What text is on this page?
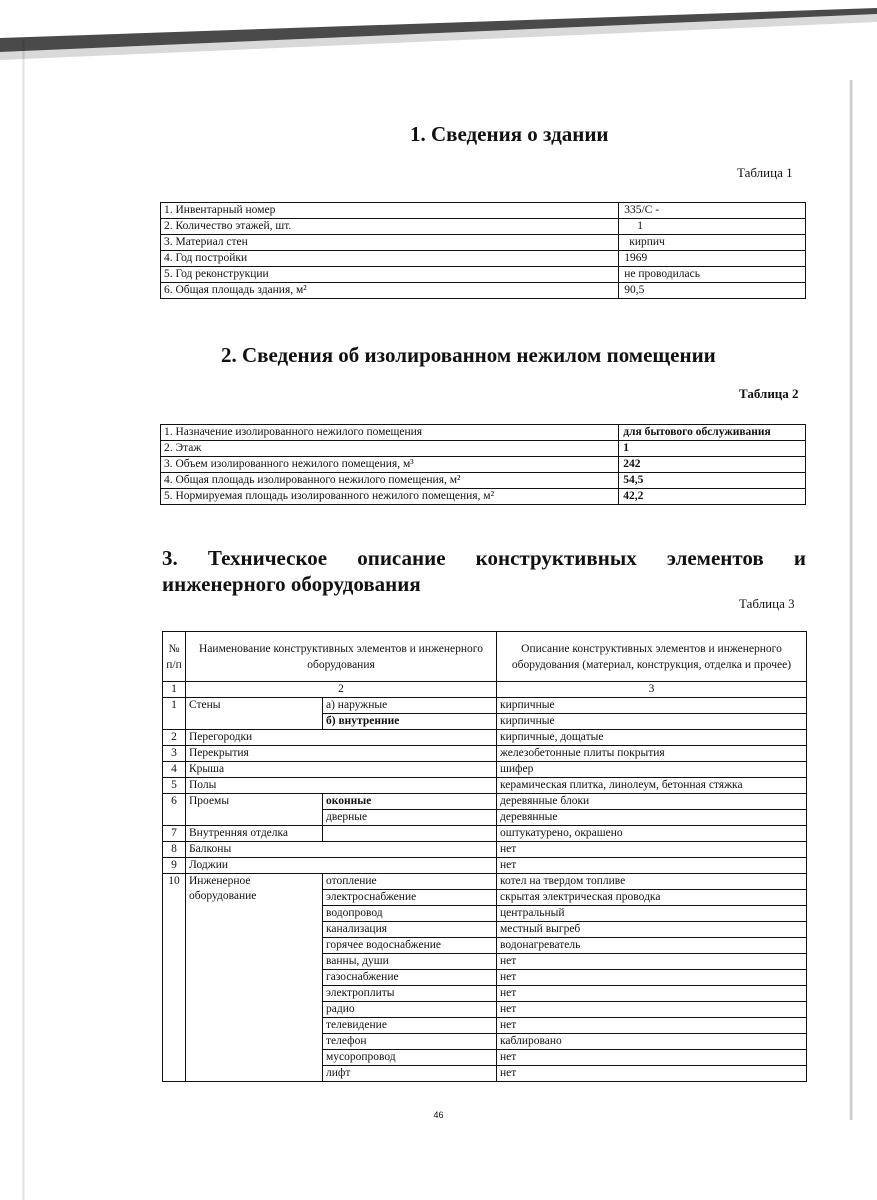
1. Сведения о здании
Таблица 1
1. Инвентарный номер	335/С -
2. Количество этажей, шт.	1
3. Материал стен	кирпич
4. Год постройки	1969
5. Год реконструкции	не проводилась
6. Общая площадь здания, м²	90,5
2. Сведения об изолированном нежилом помещении
Таблица 2
1. Назначение изолированного нежилого помещения	для бытового обслуживания
2. Этаж	1
3. Объем изолированного нежилого помещения, м³	242
4. Общая площадь изолированного нежилого помещения, м²	54,5
5. Нормируемая площадь изолированного нежилого помещения, м²	42,2
3. Техническое описание конструктивных элементов и
инженерного оборудования
Таблица 3
№ п/п	Наименование конструктивных элементов и инженерного оборудования		Описание конструктивных элементов и инженерного оборудования (материал, конструкция, отделка и прочее)
1	2		3
1	Стены	а) наружные	кирпичные
		б) внутренние	кирпичные
2	Перегородки		кирпичные, дощатые
3	Перекрытия		железобетонные плиты покрытия
4	Крыша		шифер
5	Полы		керамическая плитка, линолеум, бетонная стяжка
6	Проемы	оконные	деревянные блоки
		дверные	деревянные
7	Внутренняя отделка		оштукатурено, окрашено
8	Балконы		нет
9	Лоджии		нет
10	Инженерное оборудование	отопление	котел на твердом топливе
		электроснабжение	скрытая электрическая проводка
		водопровод	центральный
		канализация	местный выгреб
		горячее водоснабжение	водонагреватель
		ванны, души	нет
		газоснабжение	нет
		электроплиты	нет
		радио	нет
		телевидение	нет
		телефон	каблировано
		мусоропровод	нет
		лифт	нет
46
